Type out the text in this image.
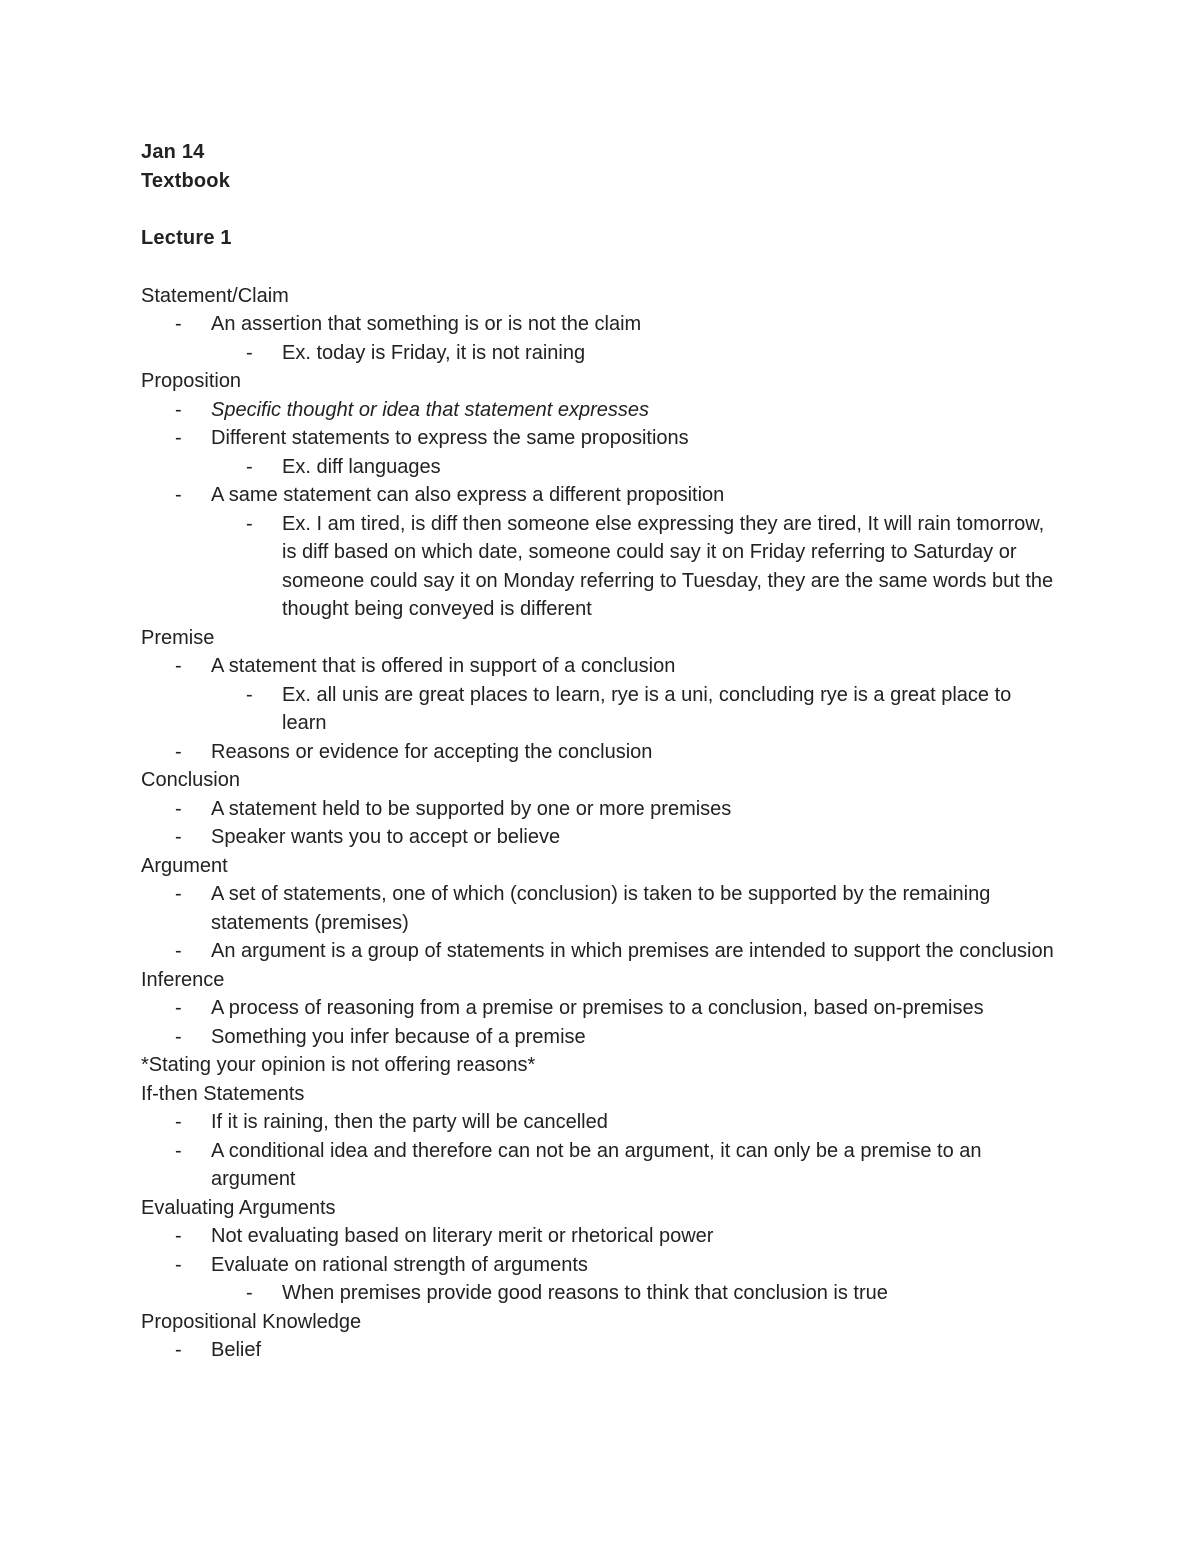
Jan 14
Textbook
Lecture 1
Statement/Claim
- An assertion that something is or is not the claim
- Ex. today is Friday, it is not raining
Proposition
- Specific thought or idea that statement expresses
- Different statements to express the same propositions
- Ex. diff languages
- A same statement can also express a different proposition
- Ex. I am tired, is diff then someone else expressing they are tired, It will rain tomorrow, is diff based on which date, someone could say it on Friday referring to Saturday or someone could say it on Monday referring to Tuesday, they are the same words but the thought being conveyed is different
Premise
- A statement that is offered in support of a conclusion
- Ex. all unis are great places to learn, rye is a uni, concluding rye is a great place to learn
- Reasons or evidence for accepting the conclusion
Conclusion
- A statement held to be supported by one or more premises
- Speaker wants you to accept or believe
Argument
- A set of statements, one of which (conclusion) is taken to be supported by the remaining statements (premises)
- An argument is a group of statements in which premises are intended to support the conclusion
Inference
- A process of reasoning from a premise or premises to a conclusion, based on-premises
- Something you infer because of a premise
*Stating your opinion is not offering reasons*
If-then Statements
- If it is raining, then the party will be cancelled
- A conditional idea and therefore can not be an argument, it can only be a premise to an argument
Evaluating Arguments
- Not evaluating based on literary merit or rhetorical power
- Evaluate on rational strength of arguments
- When premises provide good reasons to think that conclusion is true
Propositional Knowledge
- Belief
